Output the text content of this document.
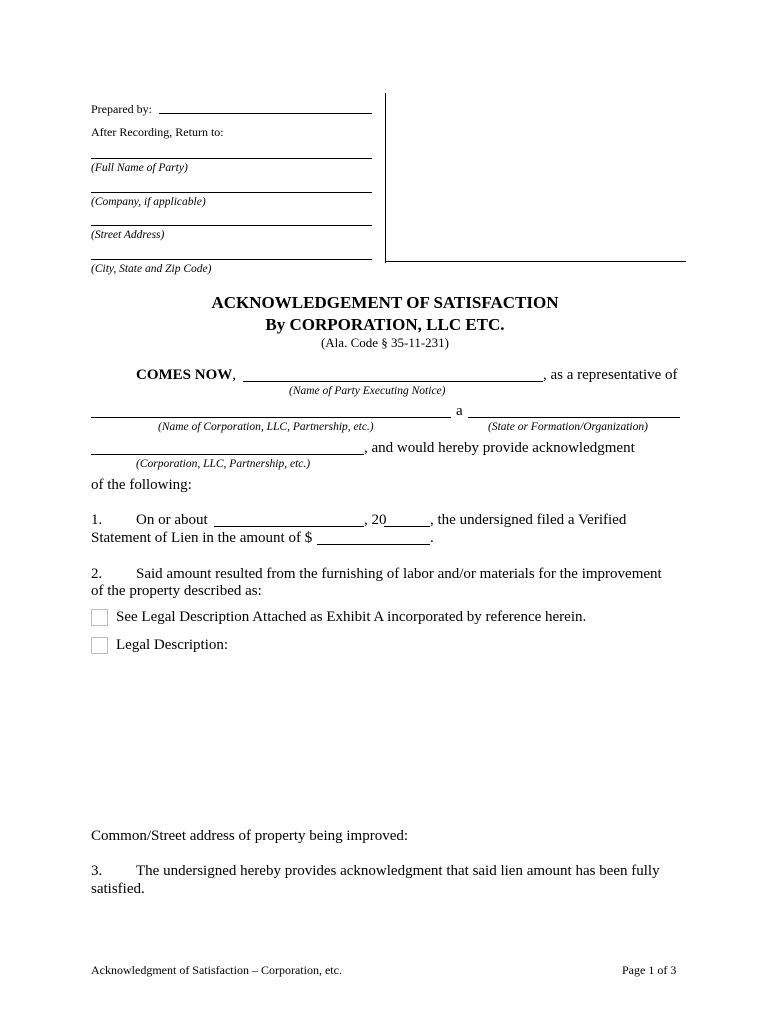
Prepared by:
After Recording, Return to:
(Full Name of Party)
(Company, if applicable)
(Street Address)
(City, State and Zip Code)
ACKNOWLEDGEMENT OF SATISFACTION
By CORPORATION, LLC ETC.
(Ala. Code § 35-11-231)
COMES NOW,	, as a representative of
(Name of Party Executing Notice)
a
(Name of Corporation, LLC, Partnership, etc.)	(State or Formation/Organization)
, and would hereby provide acknowledgment
(Corporation, LLC, Partnership, etc.)
of the following:
1. On or about	, 20	, the undersigned filed a Verified
Statement of Lien in the amount of $	.
2. Said amount resulted from the furnishing of labor and/or materials for the improvement
of the property described as:
See Legal Description Attached as Exhibit A incorporated by reference herein.
Legal Description:
Common/Street address of property being improved:
3. The undersigned hereby provides acknowledgment that said lien amount has been fully
satisfied.
Acknowledgment of Satisfaction – Corporation, etc.	Page 1 of 3
